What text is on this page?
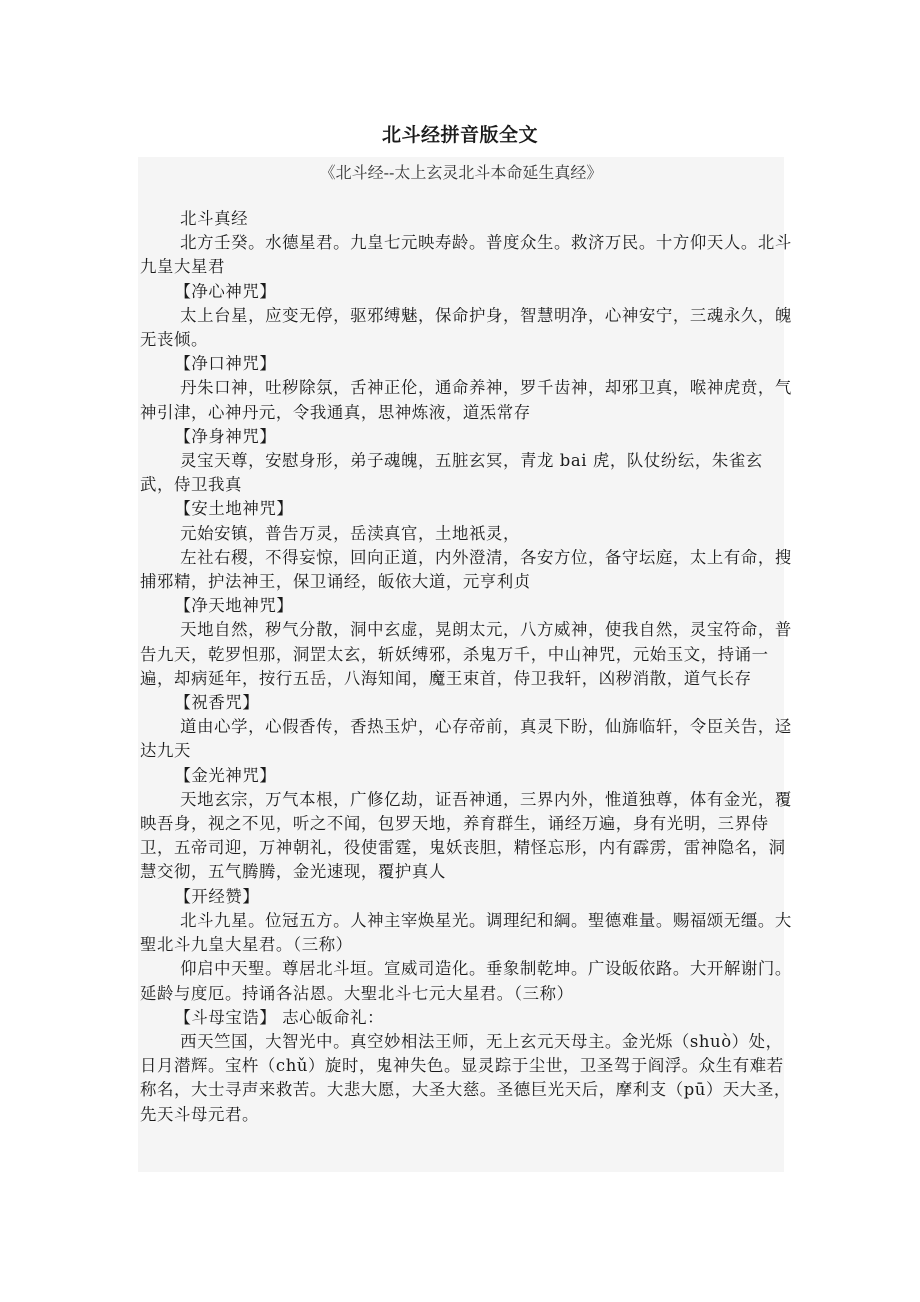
北斗经拼音版全文
《北斗经--太上玄灵北斗本命延生真经》

北斗真经

北方壬癸。水德星君。九皇七元映寿龄。普度众生。救济万民。十方仰天人。北斗九皇大星君

【净心神咒】

太上台星，应变无停，驱邪缚魅，保命护身，智慧明净，心神安宁，三魂永久，魄无丧倾。

【净口神咒】

丹朱口神，吐秽除氛，舌神正伦，通命养神，罗千齿神，却邪卫真，喉神虎贲，气神引津，心神丹元，令我通真，思神炼液，道炁常存

【净身神咒】

灵宝天尊，安慰身形，弟子魂魄，五脏玄冥，青龙 bai 虎，队仗纷纭，朱雀玄武，侍卫我真

【安土地神咒】

元始安镇，普告万灵，岳渎真官，土地祇灵，

左社右稷，不得妄惊，回向正道，内外澄清，各安方位，备守坛庭，太上有命，搜捕邪精，护法神王，保卫诵经，皈依大道，元亨利贞

【净天地神咒】

天地自然，秽气分散，洞中玄虚，晃朗太元，八方威神，使我自然，灵宝符命，普告九天，乾罗怛那，洞罡太玄，斩妖缚邪，杀鬼万千，中山神咒，元始玉文，持诵一遍，却病延年，按行五岳，八海知闻，魔王束首，侍卫我轩，凶秽消散，道气长存

【祝香咒】

道由心学，心假香传，香热玉炉，心存帝前，真灵下盼，仙旆临轩，令臣关告，迳达九天

【金光神咒】

天地玄宗，万气本根，广修亿劫，证吾神通，三界内外，惟道独尊，体有金光，覆映吾身，视之不见，听之不闻，包罗天地，养育群生，诵经万遍，身有光明，三界侍卫，五帝司迎，万神朝礼，役使雷霆，鬼妖丧胆，精怪忘形，内有霹雳，雷神隐名，洞慧交彻，五气腾腾，金光速现，覆护真人

【开经赞】

北斗九星。位冠五方。人神主宰焕星光。调理纪和綱。聖德难量。赐福颂无缰。大聖北斗九皇大星君。（三称）

仰启中天聖。尊居北斗垣。宣威司造化。垂象制乾坤。广设皈依路。大开解谢门。延龄与度厄。持诵各沾恩。大聖北斗七元大星君。（三称）

【斗母宝诰】 志心皈命礼：

西天竺国，大智光中。真空妙相法王师，无上玄元天母主。金光烁（shuò）处，日月潜辉。宝杵（chǔ）旋时，鬼神失色。显灵踪于尘世，卫圣驾于阎浮。众生有难若称名，大士寻声来救苦。大悲大愿，大圣大慈。圣德巨光天后，摩利支（pū）天大圣，先天斗母元君。
